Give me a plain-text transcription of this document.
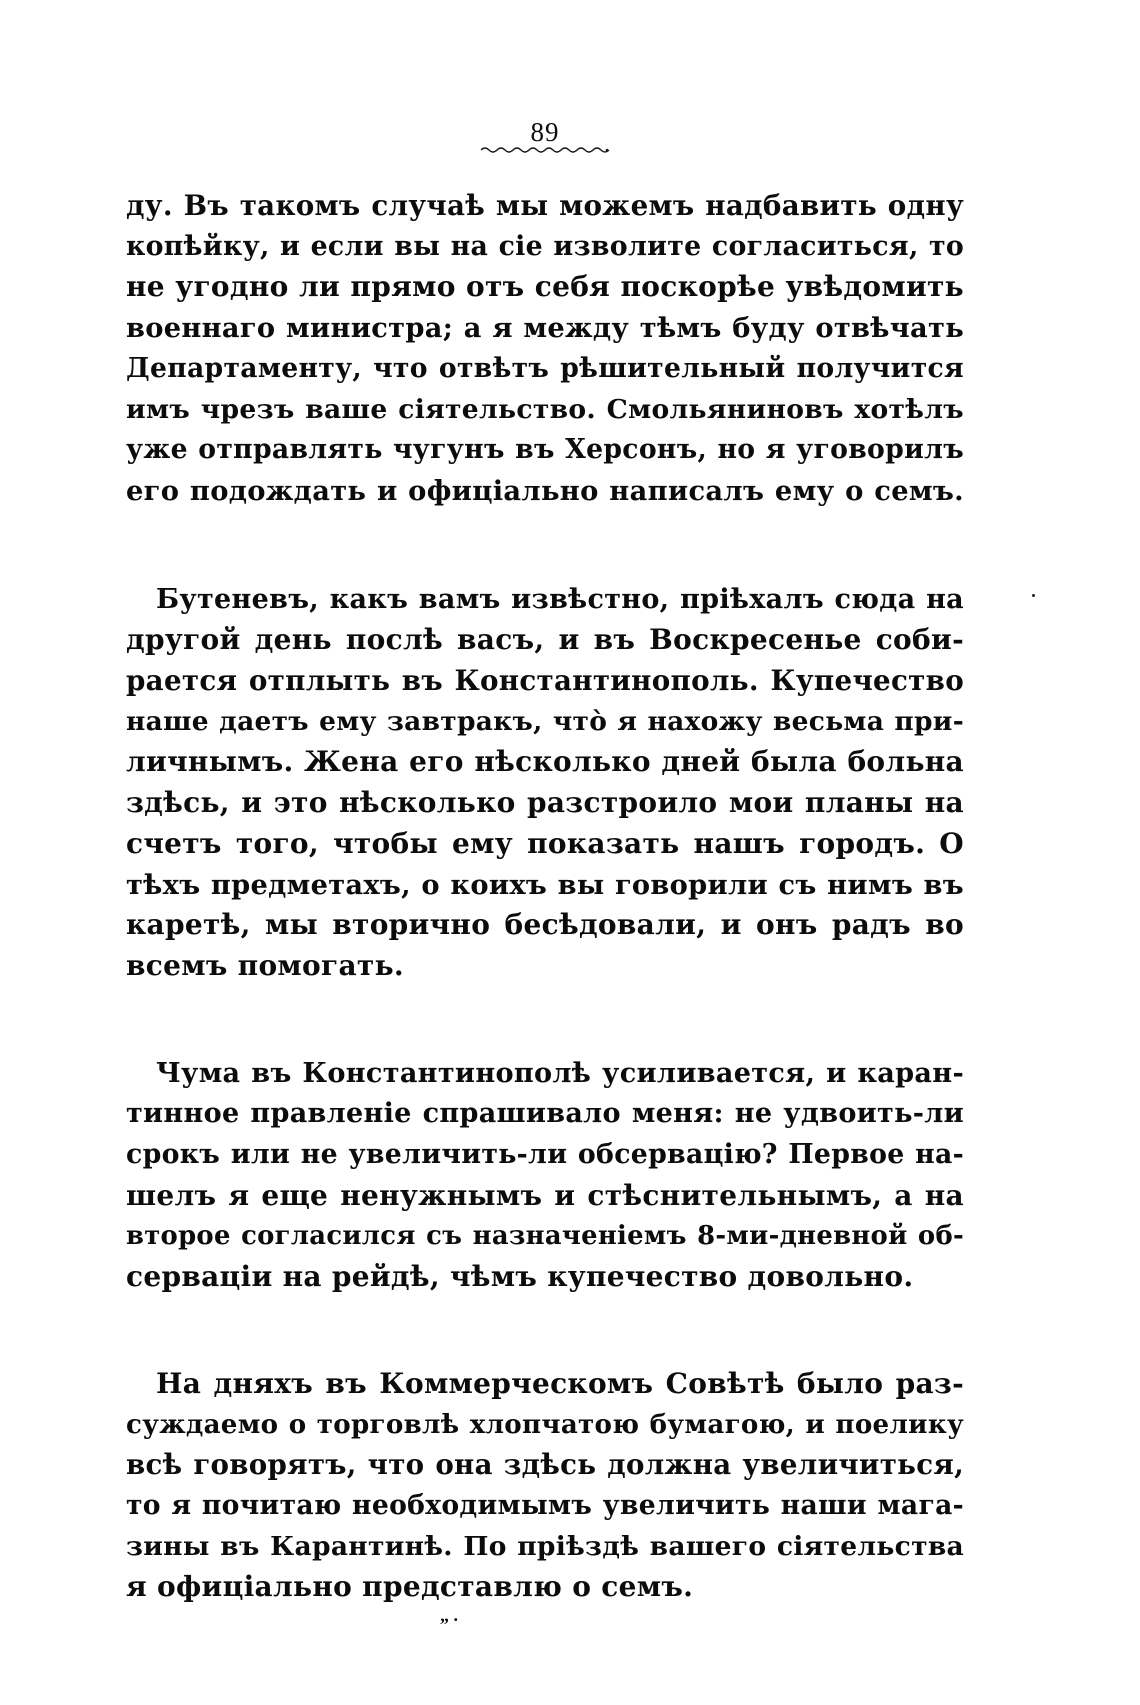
89

ду. Въ такомъ случаѣ мы можемъ надбавить одну
копѣйку, и если вы на сіе изволите согласиться, то
не угодно ли прямо отъ себя поскорѣе увѣдомить
военнаго министра; а я между тѣмъ буду отвѣчать
Департаменту, что отвѣтъ рѣшительный получится
имъ чрезъ ваше сіятельство. Смольяниновъ хотѣлъ
уже отправлять чугунъ въ Херсонъ, но я уговорилъ
его подождать и офиціально написалъ ему о семъ.

Бутеневъ, какъ вамъ извѣстно, пріѣхалъ сюда на
другой день послѣ васъ, и въ Воскресенье соби-
рается отплыть въ Константинополь. Купечество
наше даетъ ему завтракъ, что̀ я нахожу весьма при-
личнымъ. Жена его нѣсколько дней была больна
здѣсь, и это нѣсколько разстроило мои планы на
счетъ того, чтобы ему показать нашъ городъ. О
тѣхъ предметахъ, о коихъ вы говорили съ нимъ въ
каретѣ, мы вторично бесѣдовали, и онъ радъ во
всемъ помогать.

Чума въ Константинополѣ усиливается, и каран-
тинное правленіе спрашивало меня: не удвоить-ли
срокъ или не увеличить-ли обсервацію? Первое на-
шелъ я еще ненужнымъ и стѣснительнымъ, а на
второе согласился съ назначеніемъ 8-ми-дневной об-
серваціи на рейдѣ, чѣмъ купечество довольно.

На дняхъ въ Коммерческомъ Совѣтѣ было раз-
суждаемо о торговлѣ хлопчатою бумагою, и поелику
всѣ говорятъ, что она здѣсь должна увеличиться,
то я почитаю необходимымъ увеличить наши мага-
зины въ Карантинѣ. По пріѣздѣ вашего сіятельства
я офиціально представлю о семъ.

„ .
